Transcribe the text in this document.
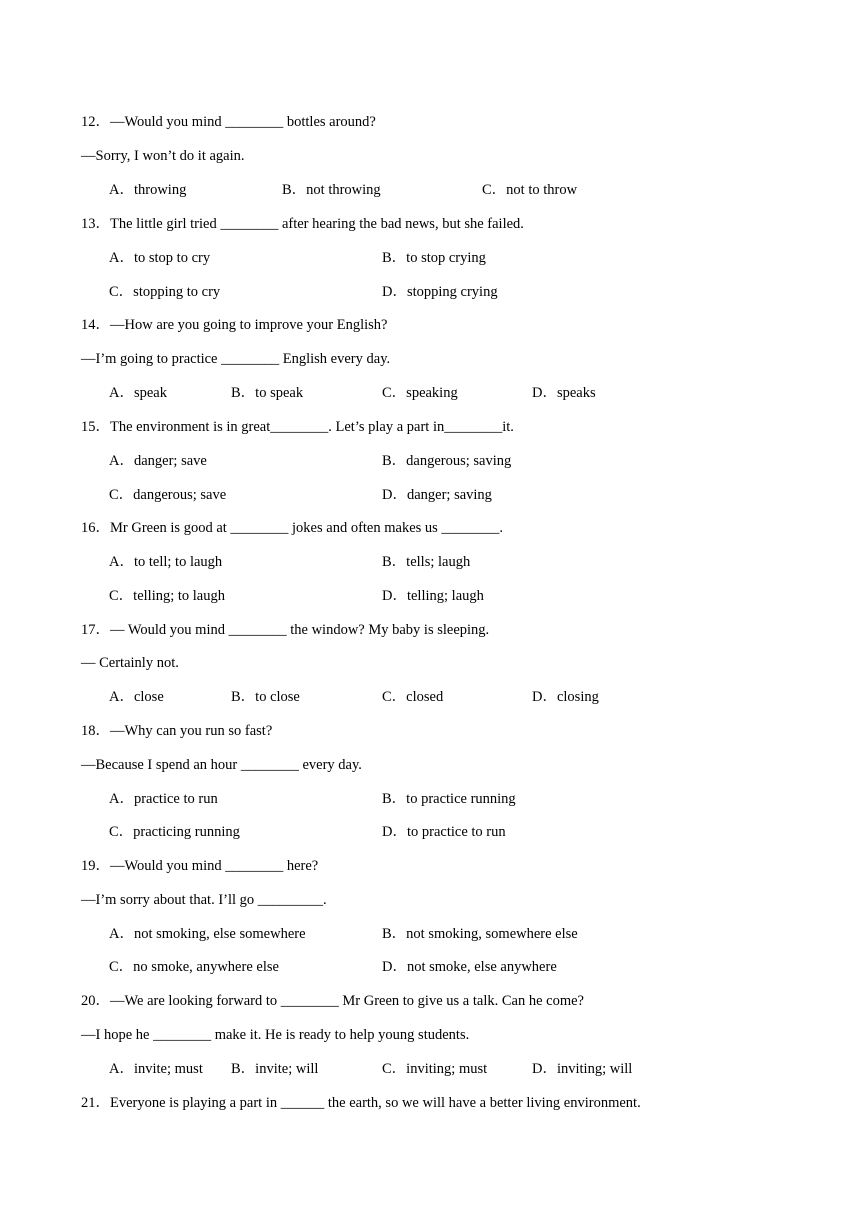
12．—Would you mind ________ bottles around?
—Sorry, I won’t do it again.
A．throwing	B．not throwing	C．not to throw
13．The little girl tried ________ after hearing the bad news, but she failed.
A．to stop to cry	B．to stop crying
C．stopping to cry	D．stopping crying
14．—How are you going to improve your English?
—I’m going to practice ________ English every day.
A．speak	B．to speak	C．speaking	D．speaks
15．The environment is in great________. Let’s play a part in________it.
A．danger; save	B．dangerous; saving
C．dangerous; save	D．danger; saving
16．Mr Green is good at ________ jokes and often makes us ________.
A．to tell; to laugh	B．tells; laugh
C．telling; to laugh	D．telling; laugh
17．— Would you mind ________ the window? My baby is sleeping.
— Certainly not.
A．close	B．to close	C．closed	D．closing
18．—Why can you run so fast?
—Because I spend an hour ________ every day.
A．practice to run	B．to practice running
C．practicing running	D．to practice to run
19．—Would you mind ________ here?
—I’m sorry about that. I’ll go _________.
A．not smoking, else somewhere	B．not smoking, somewhere else
C．no smoke, anywhere else	D．not smoke, else anywhere
20．—We are looking forward to ________ Mr Green to give us a talk. Can he come?
—I hope he ________ make it. He is ready to help young students.
A．invite; must B．invite; will	C．inviting; must	D．inviting; will
21．Everyone is playing a part in ______ the earth, so we will have a better living environment.
